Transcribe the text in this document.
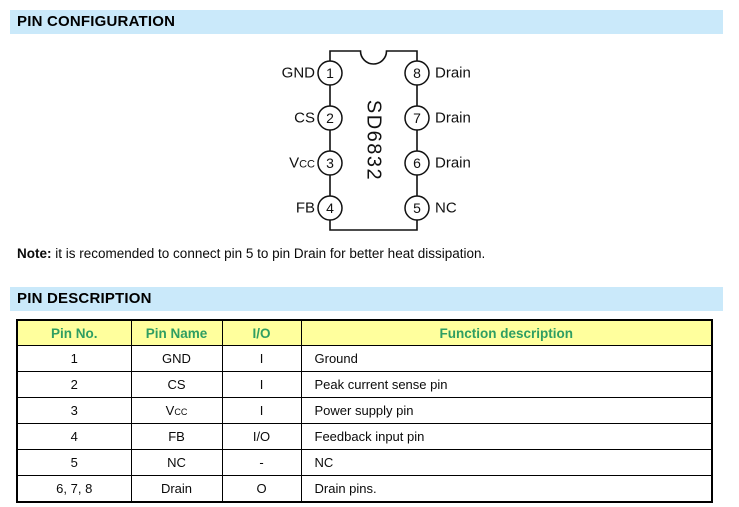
PIN CONFIGURATION
SD6832
1
2
3
4
GND
CS
Vcc
FB
8
7
6
5
Drain
Drain
Drain
NC
Note: it is recomended to connect pin 5 to pin Drain for better heat dissipation.
PIN DESCRIPTION
Pin No.	Pin Name	I/O	Function description
1	GND	I	Ground
2	CS	I	Peak current sense pin
3	Vcc	I	Power supply pin
4	FB	I/O	Feedback input pin
5	NC	-	NC
6, 7, 8	Drain	O	Drain pins.
